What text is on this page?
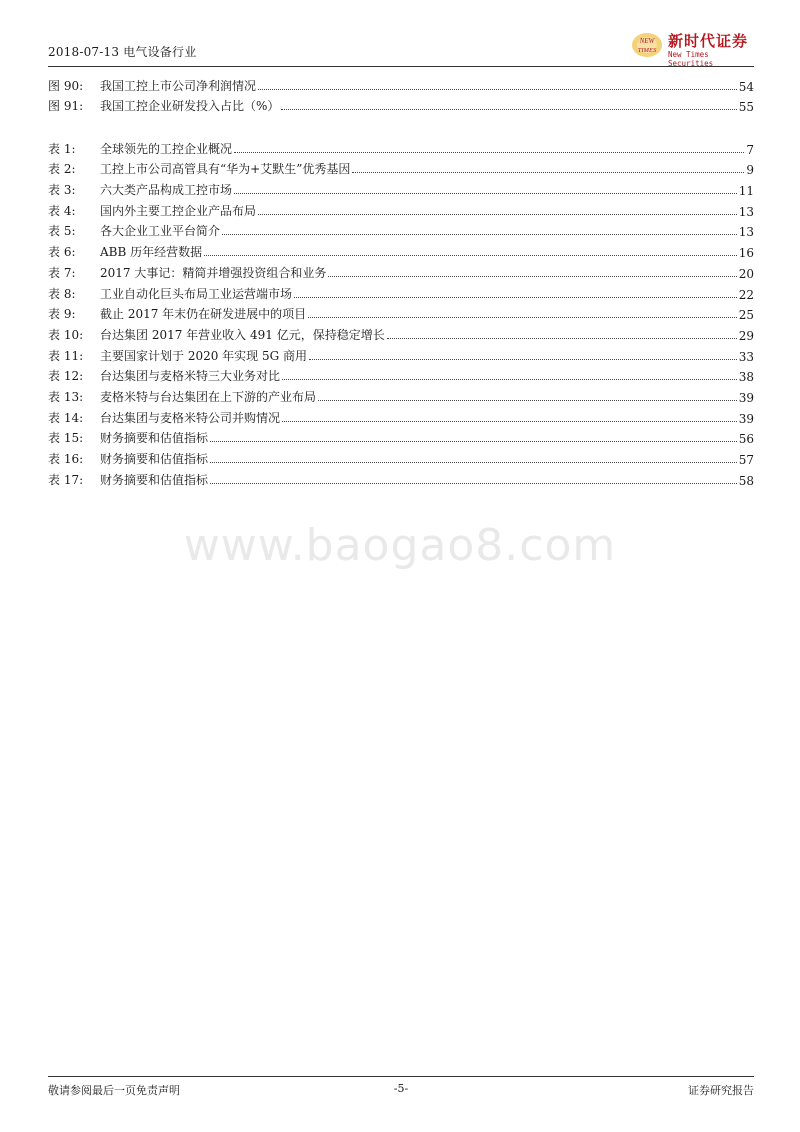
2018-07-13 电气设备行业
NEW
TIMES
新时代证券
New Times Securities
图 90:	我国工控上市公司净利润情况	54
图 91:	我国工控企业研发投入占比（%）	55
表 1:	全球领先的工控企业概况	7
表 2:	工控上市公司高管具有“华为+艾默生”优秀基因	9
表 3:	六大类产品构成工控市场	11
表 4:	国内外主要工控企业产品布局	13
表 5:	各大企业工业平台简介	13
表 6:	ABB 历年经营数据	16
表 7:	2017 大事记：精简并增强投资组合和业务	20
表 8:	工业自动化巨头布局工业运营端市场	22
表 9:	截止 2017 年末仍在研发进展中的项目	25
表 10:	台达集团 2017 年营业收入 491 亿元，保持稳定增长	29
表 11:	主要国家计划于 2020 年实现 5G 商用	33
表 12:	台达集团与麦格米特三大业务对比	38
表 13:	麦格米特与台达集团在上下游的产业布局	39
表 14:	台达集团与麦格米特公司并购情况	39
表 15:	财务摘要和估值指标	56
表 16:	财务摘要和估值指标	57
表 17:	财务摘要和估值指标	58
www.baogao8.com
敬请参阅最后一页免责声明	-5-	证券研究报告
